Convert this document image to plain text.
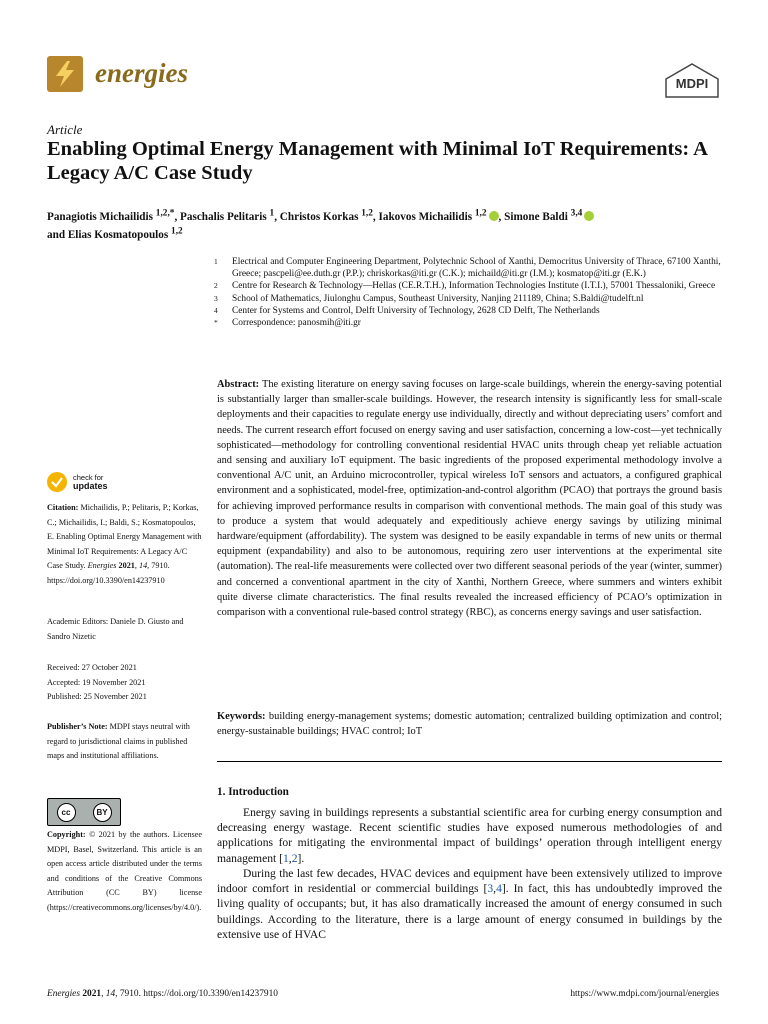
energies	MDPI
Article
Enabling Optimal Energy Management with Minimal IoT Requirements: A Legacy A/C Case Study
Panagiotis Michailidis $^{1,2,*}$, Paschalis Pelitaris $^1$, Christos Korkas $^{1,2}$, Iakovos Michailidis $^{1,2}$ , Simone Baldi $^{3,4}$
and Elias Kosmatopoulos $^{1,2}$
1	Electrical and Computer Engineering Department, Polytechnic School of Xanthi, Democritus University of Thrace, 67100 Xanthi, Greece; pascpeli@ee.duth.gr (P.P.); chriskorkas@iti.gr (C.K.); michaild@iti.gr (I.M.); kosmatop@iti.gr (E.K.)
2	Centre for Research & Technology—Hellas (CE.R.T.H.), Information Technologies Institute (I.T.I.), 57001 Thessaloniki, Greece
3	School of Mathematics, Jiulonghu Campus, Southeast University, Nanjing 211189, China; S.Baldi@tudelft.nl
4	Center for Systems and Control, Delft University of Technology, 2628 CD Delft, The Netherlands
*	Correspondence: panosmih@iti.gr
Abstract: The existing literature on energy saving focuses on large-scale buildings, wherein the energy-saving potential is substantially larger than smaller-scale buildings. However, the research intensity is significantly less for small-scale deployments and their capacities to regulate energy use individually, directly and without depreciating users’ comfort and needs. The current research effort focused on energy saving and user satisfaction, concerning a low-cost—yet technically sophisticated—methodology for controlling conventional residential HVAC units through cheap yet reliable actuation and sensing and auxiliary IoT equipment. The basic ingredients of the proposed experimental methodology involve a conventional A/C unit, an Arduino microcontroller, typical wireless IoT sensors and actuators, a configured graphical environment and a sophisticated, model-free, optimization-and-control algorithm (PCAO) that portrays the ground basis for achieving improved performance results in comparison with conventional methods. The main goal of this study was to produce a system that would adequately and expeditiously achieve energy savings by utilizing minimal hardware/equipment (affordability). The system was designed to be easily expandable in terms of new units or thermal equipment (expandability) and also to be autonomous, requiring zero user interventions at the experimental site (automation). The real-life measurements were collected over two different seasonal periods of the year (winter, summer) and concerned a conventional apartment in the city of Xanthi, Northern Greece, where summers and winters exhibit quite diverse climate characteristics. The final results revealed the increased efficiency of PCAO’s optimization in comparison with a conventional rule-based control strategy (RBC), as concerns energy savings and user satisfaction.
Keywords: building energy-management systems; domestic automation; centralized building optimization and control; energy-sustainable buildings; HVAC control; IoT
1. Introduction
Energy saving in buildings represents a substantial scientific area for curbing energy consumption and decreasing energy wastage. Recent scientific studies have exposed numerous methodologies of and applications for mitigating the environmental impact of buildings’ operation through intelligent energy management [1,2].
During the last few decades, HVAC devices and equipment have been extensively utilized to improve indoor comfort in residential or commercial buildings [3,4]. In fact, this has undoubtedly improved the living quality of occupants; but, it has also dramatically increased the amount of energy consumed in such buildings. According to the literature, there is a large amount of energy consumed in buildings by the extensive use of HVAC
check for
updates
Citation: Michailidis, P.; Pelitaris, P.; Korkas, C.; Michailidis, I.; Baldi, S.; Kosmatopoulos, E. Enabling Optimal Energy Management with Minimal IoT Requirements: A Legacy A/C Case Study. Energies 2021, 14, 7910. https://doi.org/10.3390/en14237910
Academic Editors: Daniele D. Giusto and Sandro Nizetic
Received: 27 October 2021
Accepted: 19 November 2021
Published: 25 November 2021
Publisher’s Note: MDPI stays neutral with regard to jurisdictional claims in published maps and institutional affiliations.
cc	BY
Copyright: © 2021 by the authors. Licensee MDPI, Basel, Switzerland. This article is an open access article distributed under the terms and conditions of the Creative Commons Attribution (CC BY) license (https://creativecommons.org/licenses/by/4.0/).
Energies 2021, 14, 7910. https://doi.org/10.3390/en14237910	https://www.mdpi.com/journal/energies
